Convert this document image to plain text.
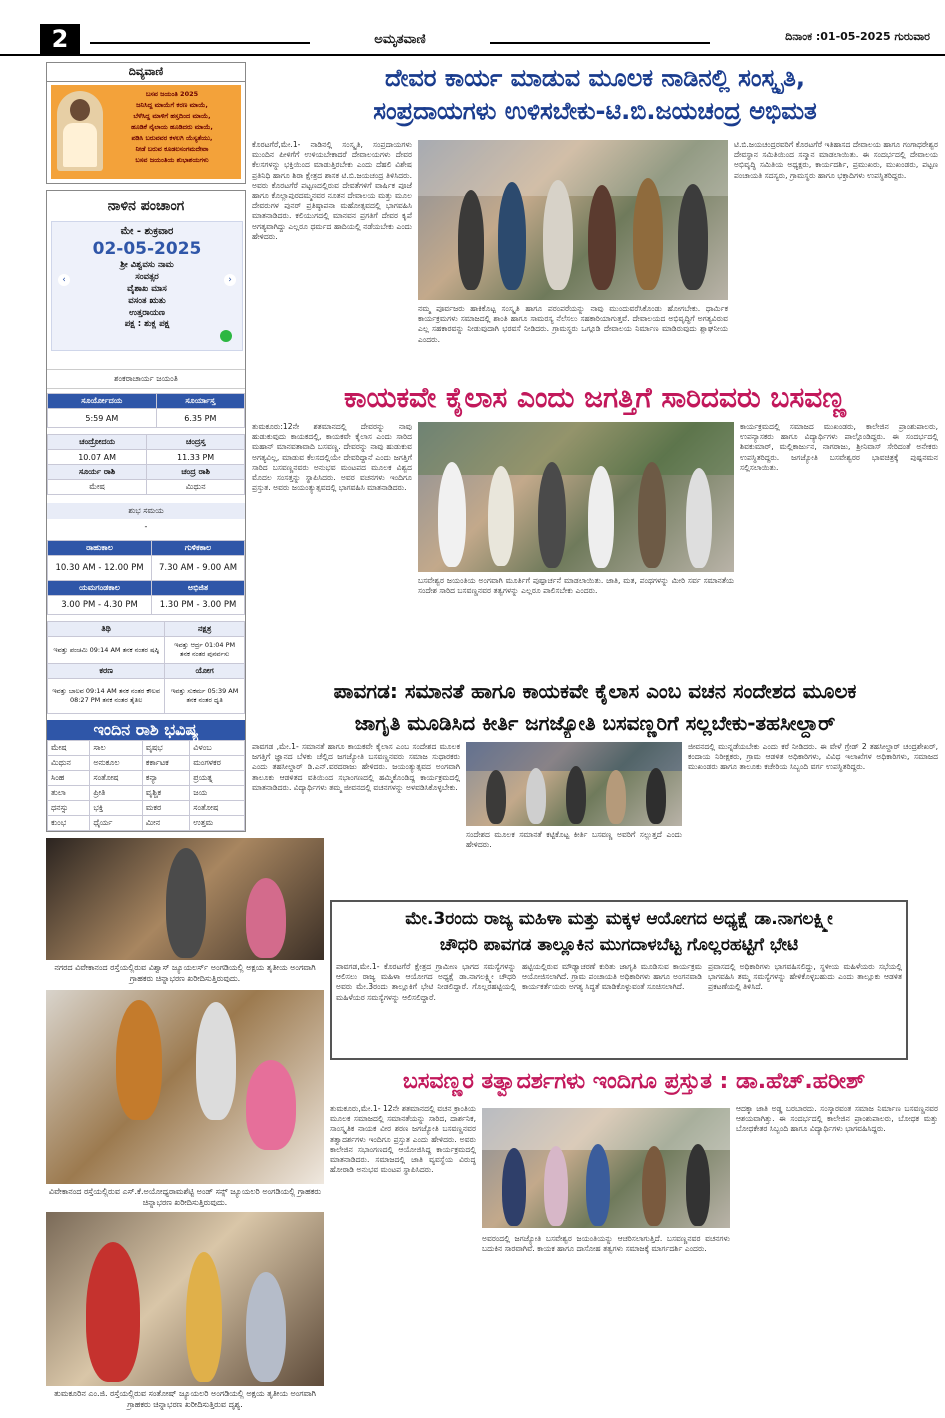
2	ಅಮೃತವಾಣಿ	ದಿನಾಂಕ :01-05-2025 ಗುರುವಾರ
ದಿವ್ಯವಾಣಿ
ಬಸವ ಜಯಂತಿ 2025
ಜನಿಸಿದ್ದ ಮಾಯೆಗೆ ಕರಣ ಮಾಯೆ,
ಬೆಳೆಸಿದ್ದ ಮಾಳಿಗೆ ಹಸ್ತದಿಂದ ಮಾಯೆ,
ಹೂಡಿಕೆ ನೈಲಾಯ ಹೂಡಿದರು ಮಾಯೆ,
ಪಡಿಸಿ ಬರುವವರ ಕಳಲಗಿ ಯೆಸ್ಯತೆಯು,
ನೀಡೆ ಬರುವ ಕೂಡಲಸಂಗಮದೇವಾ
ಬಸವ ಜಯಂತಿಯ ಶುಭಾಶಯಗಳು
ನಾಳಿನ ಪಂಚಾಂಗ
ಮೇ - ಶುಕ್ರವಾರ
02-05-2025
‹	›
ಶ್ರೀ ವಿಶ್ವವಸು ನಾಮ
ಸಂವತ್ಸರ
ವೈಶಾಖ ಮಾಸ
ವಸಂತ ಋತು
ಉತ್ತರಾಯಣ
ಪಕ್ಷ : ಶುಕ್ಲ ಪಕ್ಷ
ಶಂಕರಾಚಾರ್ಯ ಜಯಂತಿ
ಸೂರ್ಯೋದಯ	ಸೂರ್ಯಾಸ್ತ
5:59 AM	6.35 PM
ಚಂದ್ರೋದಯ	ಚಂದ್ರಸ್ತ
10.07 AM	11.33 PM
ಸೂರ್ಯ ರಾಶಿ	ಚಂದ್ರ ರಾಶಿ
ಮೇಷ	ಮಿಥುನ
ಶುಭ ಸಮಯ
-
ರಾಹುಕಾಲ	ಗುಳಿಕಕಾಲ
10.30 AM - 12.00 PM	7.30 AM - 9.00 AM
ಯಮಗಂಡಕಾಲ	ಅಭಿಜಿತ
3.00 PM - 4.30 PM	1.30 PM - 3.00 PM
ತಿಥಿ	ನಕ್ಷತ್ರ
ಇವತ್ತು ಪಂಚಮಿ 09:14 AM ತನಕ ನಂತರ ಷಷ್ಠಿ	ಇವತ್ತು ಆರ್ದ್ರ 01:04 PM ತನಕ ನಂತರ ಪುನರ್ವಸು
ಕರಣ	ಯೋಗ
ಇವತ್ತು ಬಾಲವ 09:14 AM ತನಕ ನಂತರ ಕೌಲವ 08:27 PM ತನಕ ನಂತರ ತೈತಿಲ	ಇವತ್ತು ಸುಕರ್ಮ 05:39 AM ತನಕ ನಂತರ ಧೃತಿ
ಇಂದಿನ ರಾಶಿ ಭವಿಷ್ಯ
ಮೇಷ	ಸಾಲ	ವೃಷಭ	ವಿಳಂಬ
ಮಿಥುನ	ಅನುಕೂಲ	ಕರ್ಕಾಟಕ	ಮಂಗಳಕರ
ಸಿಂಹ	ಸಂತೋಷ	ಕನ್ಯಾ	ಪ್ರಯತ್ನ
ತುಲಾ	ಪ್ರೀತಿ	ವೃಶ್ಚಿಕ	ಜಯ
ಧನಸ್ಸು	ಭಕ್ತಿ	ಮಕರ	ಸಂತೋಷ
ಕುಂಭ	ಧೈರ್ಯ	ಮೀನ	ಉತ್ತಮ
ದೇವರ ಕಾರ್ಯ ಮಾಡುವ ಮೂಲಕ ನಾಡಿನಲ್ಲಿ ಸಂಸ್ಕೃತಿ,
ಸಂಪ್ರದಾಯಗಳು ಉಳಿಸಬೇಕು-ಟಿ.ಬಿ.ಜಯಚಂದ್ರ ಅಭಿಮತ
ಕೊರಟಗೆರೆ,ಮೇ.1- ನಾಡಿನಲ್ಲಿ ಸಂಸ್ಕೃತಿ, ಸಂಪ್ರದಾಯಗಳು ಮುಂದಿನ ಪೀಳಿಗೆಗೆ ಉಳಿಯಬೇಕಾದರೆ ದೇವಾಲಯಗಳು ದೇವರ ಕೆಲಸಗಳನ್ನು ಭಕ್ತಿಯಿಂದ ಮಾಡುತ್ತಿರಬೇಕು ಎಂದು ದೆಹಲಿ ವಿಶೇಷ ಪ್ರತಿನಿಧಿ ಹಾಗೂ ಶಿರಾ ಕ್ಷೇತ್ರದ ಶಾಸಕ ಟಿ.ಬಿ.ಜಯಚಂದ್ರ ತಿಳಿಸಿದರು. ಅವರು ಕೊರಟಗೆರೆ ಪಟ್ಟಣದಲ್ಲಿರುವ ದೇವತೆಗಳಿಗೆ ವಾರ್ಷಿಕ ಪೂಜೆ ಹಾಗೂ ಕೊಲ್ಲಾಪುರದಮ್ಮನವರ ನೂತನ ದೇವಾಲಯ ಮತ್ತು ಮೂಲ ದೇವರುಗಳ ಪುನರ್ ಪ್ರತಿಷ್ಠಾಪನಾ ಮಹೋತ್ಸವದಲ್ಲಿ ಭಾಗವಹಿಸಿ ಮಾತನಾಡಿದರು. ಕಲಿಯುಗದಲ್ಲಿ ಮಾನವನ ಪ್ರಗತಿಗೆ ದೇವರ ಕೃಪೆ ಅಗತ್ಯವಾಗಿದ್ದು ಎಲ್ಲರೂ ಧರ್ಮದ ಹಾದಿಯಲ್ಲಿ ನಡೆಯಬೇಕು ಎಂದು ಹೇಳಿದರು.
ನಮ್ಮ ಪೂರ್ವಜರು ಹಾಕಿಕೊಟ್ಟ ಸಂಸ್ಕೃತಿ ಹಾಗೂ ಪರಂಪರೆಯನ್ನು ನಾವು ಮುಂದುವರೆಸಿಕೊಂಡು ಹೋಗಬೇಕು. ಧಾರ್ಮಿಕ ಕಾರ್ಯಕ್ರಮಗಳು ಸಮಾಜದಲ್ಲಿ ಶಾಂತಿ ಹಾಗೂ ಸಾಮರಸ್ಯ ನೆಲೆಸಲು ಸಹಕಾರಿಯಾಗುತ್ತವೆ. ದೇವಾಲಯದ ಅಭಿವೃದ್ಧಿಗೆ ಅಗತ್ಯವಿರುವ ಎಲ್ಲ ಸಹಕಾರವನ್ನು ನೀಡುವುದಾಗಿ ಭರವಸೆ ನೀಡಿದರು. ಗ್ರಾಮಸ್ಥರು ಒಗ್ಗೂಡಿ ದೇವಾಲಯ ನಿರ್ಮಾಣ ಮಾಡಿರುವುದು ಶ್ಲಾಘನೀಯ ಎಂದರು.
ಟಿ.ಬಿ.ಜಯಚಂದ್ರರವರಿಗೆ ಕೊರಟಗೆರೆ ಇತಿಹಾಸದ ದೇವಾಲಯ ಹಾಗೂ ಗಂಗಾಧರೇಶ್ವರ ದೇವಸ್ಥಾನ ಸಮಿತಿಯಿಂದ ಸನ್ಮಾನ ಮಾಡಲಾಯಿತು. ಈ ಸಂದರ್ಭದಲ್ಲಿ ದೇವಾಲಯ ಅಭಿವೃದ್ಧಿ ಸಮಿತಿಯ ಅಧ್ಯಕ್ಷರು, ಕಾರ್ಯದರ್ಶಿ, ಪ್ರಮುಖರು, ಮುಖಂಡರು, ಪಟ್ಟಣ ಪಂಚಾಯತಿ ಸದಸ್ಯರು, ಗ್ರಾಮಸ್ಥರು ಹಾಗೂ ಭಕ್ತಾದಿಗಳು ಉಪಸ್ಥಿತರಿದ್ದರು.
ಕಾಯಕವೇ ಕೈಲಾಸ ಎಂದು ಜಗತ್ತಿಗೆ ಸಾರಿದವರು ಬಸವಣ್ಣ
ತುಮಕೂರು:12ನೇ ಶತಮಾನದಲ್ಲಿ ದೇವರನ್ನು ನಾವು ಹುಡುಕುವುದು ಕಾಯಕದಲ್ಲಿ, ಕಾಯಕವೇ ಕೈಲಾಸ ಎಂದು ಸಾರಿದ ಮಹಾನ್ ಮಾನವತಾವಾದಿ ಬಸವಣ್ಣ. ದೇವರನ್ನು ನಾವು ಹುಡುಕುವ ಅಗತ್ಯವಿಲ್ಲ, ಮಾಡುವ ಕೆಲಸದಲ್ಲಿಯೇ ದೇವರಿದ್ದಾನೆ ಎಂದು ಜಗತ್ತಿಗೆ ಸಾರಿದ ಬಸವಣ್ಣನವರು ಅನುಭವ ಮಂಟಪದ ಮೂಲಕ ವಿಶ್ವದ ಮೊದಲ ಸಂಸತ್ತನ್ನು ಸ್ಥಾಪಿಸಿದರು. ಅವರ ವಚನಗಳು ಇಂದಿಗೂ ಪ್ರಸ್ತುತ. ಅವರು ಜಯಂತ್ಯುತ್ಸವದಲ್ಲಿ ಭಾಗವಹಿಸಿ ಮಾತನಾಡಿದರು.
ಬಸವೇಶ್ವರ ಜಯಂತಿಯ ಅಂಗವಾಗಿ ಮೂರ್ತಿಗೆ ಪುಷ್ಪಾರ್ಚನೆ ಮಾಡಲಾಯಿತು. ಜಾತಿ, ಮತ, ಪಂಥಗಳನ್ನು ಮೀರಿ ಸರ್ವ ಸಮಾನತೆಯ ಸಂದೇಶ ಸಾರಿದ ಬಸವಣ್ಣನವರ ತತ್ವಗಳನ್ನು ಎಲ್ಲರೂ ಪಾಲಿಸಬೇಕು ಎಂದರು.
ಕಾರ್ಯಕ್ರಮದಲ್ಲಿ ಸಮಾಜದ ಮುಖಂಡರು, ಕಾಲೇಜಿನ ಪ್ರಾಂಶುಪಾಲರು, ಉಪನ್ಯಾಸಕರು ಹಾಗೂ ವಿದ್ಯಾರ್ಥಿಗಳು ಪಾಲ್ಗೊಂಡಿದ್ದರು. ಈ ಸಂದರ್ಭದಲ್ಲಿ ಶಿವಕುಮಾರ್, ಮಲ್ಲಿಕಾರ್ಜುನ, ನಾಗರಾಜು, ಶ್ರೀನಿವಾಸ್ ಸೇರಿದಂತೆ ಅನೇಕರು ಉಪಸ್ಥಿತರಿದ್ದರು. ಜಗಜ್ಯೋತಿ ಬಸವೇಶ್ವರರ ಭಾವಚಿತ್ರಕ್ಕೆ ಪುಷ್ಪನಮನ ಸಲ್ಲಿಸಲಾಯಿತು.
ಪಾವಗಡ: ಸಮಾನತೆ ಹಾಗೂ ಕಾಯಕವೇ ಕೈಲಾಸ ಎಂಬ ವಚನ ಸಂದೇಶದ ಮೂಲಕ
ಜಾಗೃತಿ ಮೂಡಿಸಿದ ಕೀರ್ತಿ ಜಗಜ್ಯೋತಿ ಬಸವಣ್ಣರಿಗೆ ಸಲ್ಲಬೇಕು-ತಹಸೀಲ್ದಾರ್
ಪಾವಗಡ ,ಮೇ.1- ಸಮಾನತೆ ಹಾಗೂ ಕಾಯಕವೇ ಕೈಲಾಸ ಎಂಬ ಸಂದೇಶದ ಮೂಲಕ ಜಗತ್ತಿಗೆ ಜ್ಞಾನದ ಬೆಳಕು ಚೆಲ್ಲಿದ ಜಗಜ್ಯೋತಿ ಬಸವಣ್ಣನವರು ಸಮಾಜ ಸುಧಾರಕರು ಎಂದು ತಹಸೀಲ್ದಾರ್ ಡಿ.ಎನ್.ವರದರಾಜು ಹೇಳಿದರು. ಜಯಂತ್ಯುತ್ಸವದ ಅಂಗವಾಗಿ ತಾಲೂಕು ಆಡಳಿತದ ವತಿಯಿಂದ ಸಭಾಂಗಣದಲ್ಲಿ ಹಮ್ಮಿಕೊಂಡಿದ್ದ ಕಾರ್ಯಕ್ರಮದಲ್ಲಿ ಮಾತನಾಡಿದರು. ವಿದ್ಯಾರ್ಥಿಗಳು ತಮ್ಮ ಜೀವನದಲ್ಲಿ ವಚನಗಳನ್ನು ಅಳವಡಿಸಿಕೊಳ್ಳಬೇಕು.
ಸಂದೇಶದ ಮೂಲಕ ಸಮಾನತೆ ಕಟ್ಟಿಕೊಟ್ಟ ಕೀರ್ತಿ ಬಸವಣ್ಣ ಅವರಿಗೆ ಸಲ್ಲುತ್ತದೆ ಎಂದು ಹೇಳಿದರು.
ಜೀವನದಲ್ಲಿ ಮುನ್ನಡೆಯಬೇಕು ಎಂದು ಕರೆ ನೀಡಿದರು. ಈ ವೇಳೆ ಗ್ರೇಡ್ 2 ತಹಸೀಲ್ದಾರ್ ಚಂದ್ರಶೇಖರ್, ಕಂದಾಯ ನಿರೀಕ್ಷಕರು, ಗ್ರಾಮ ಆಡಳಿತ ಅಧಿಕಾರಿಗಳು, ವಿವಿಧ ಇಲಾಖೆಗಳ ಅಧಿಕಾರಿಗಳು, ಸಮಾಜದ ಮುಖಂಡರು ಹಾಗೂ ತಾಲೂಕು ಕಚೇರಿಯ ಸಿಬ್ಬಂದಿ ವರ್ಗ ಉಪಸ್ಥಿತರಿದ್ದರು.
ಮೇ.3ರಂದು ರಾಜ್ಯ ಮಹಿಳಾ ಮತ್ತು ಮಕ್ಕಳ ಆಯೋಗದ ಅಧ್ಯಕ್ಷೆ ಡಾ.ನಾಗಲಕ್ಷ್ಮೀ
ಚೌಧರಿ ಪಾವಗಡ ತಾಲ್ಲೂಕಿನ ಮುಗದಾಳಬೆಟ್ಟ ಗೊಲ್ಲರಹಟ್ಟಿಗೆ ಭೇಟಿ
ಪಾವಗಡ,ಮೇ.1- ಕೊರಟಗೆರೆ ಕ್ಷೇತ್ರದ ಗ್ರಾಮೀಣ ಭಾಗದ ಸಮಸ್ಯೆಗಳನ್ನು ಆಲಿಸಲು ರಾಜ್ಯ ಮಹಿಳಾ ಆಯೋಗದ ಅಧ್ಯಕ್ಷೆ ಡಾ.ನಾಗಲಕ್ಷ್ಮೀ ಚೌಧರಿ ಅವರು ಮೇ.3ರಂದು ತಾಲ್ಲೂಕಿಗೆ ಭೇಟಿ ನೀಡಲಿದ್ದಾರೆ. ಗೊಲ್ಲರಹಟ್ಟಿಯಲ್ಲಿ ಮಹಿಳೆಯರ ಸಮಸ್ಯೆಗಳನ್ನು ಆಲಿಸಲಿದ್ದಾರೆ.
ಹಟ್ಟಿಯಲ್ಲಿರುವ ಮೌಢ್ಯಾಚರಣೆ ಕುರಿತು ಜಾಗೃತಿ ಮೂಡಿಸುವ ಕಾರ್ಯಕ್ರಮ ಆಯೋಜಿಸಲಾಗಿದೆ. ಗ್ರಾಮ ಪಂಚಾಯತಿ ಅಧಿಕಾರಿಗಳು ಹಾಗೂ ಅಂಗನವಾಡಿ ಕಾರ್ಯಕರ್ತೆಯರು ಅಗತ್ಯ ಸಿದ್ಧತೆ ಮಾಡಿಕೊಳ್ಳುವಂತೆ ಸೂಚಿಸಲಾಗಿದೆ.
ಪ್ರವಾಸದಲ್ಲಿ ಅಧಿಕಾರಿಗಳು ಭಾಗವಹಿಸಲಿದ್ದು, ಸ್ಥಳೀಯ ಮಹಿಳೆಯರು ಸಭೆಯಲ್ಲಿ ಭಾಗವಹಿಸಿ ತಮ್ಮ ಸಮಸ್ಯೆಗಳನ್ನು ಹೇಳಿಕೊಳ್ಳಬಹುದು ಎಂದು ತಾಲ್ಲೂಕು ಆಡಳಿತ ಪ್ರಕಟಣೆಯಲ್ಲಿ ತಿಳಿಸಿದೆ.
ಬಸವಣ್ಣರ ತತ್ವಾದರ್ಶಗಳು ಇಂದಿಗೂ ಪ್ರಸ್ತುತ : ಡಾ.ಹೆಚ್.ಹರೀಶ್
ತುಮಕೂರು,ಮೇ.1- 12ನೇ ಶತಮಾನದಲ್ಲಿ ವಚನ ಕ್ರಾಂತಿಯ ಮೂಲಕ ಸಮಾಜದಲ್ಲಿ ಸಮಾನತೆಯನ್ನು ಸಾರಿದ, ದಾರ್ಶನಿಕ, ಸಾಂಸ್ಕೃತಿಕ ನಾಯಕ ವೀರ ಶರಣ ಜಗಜ್ಯೋತಿ ಬಸವಣ್ಣನವರ ತತ್ವಾದರ್ಶಗಳು ಇಂದಿಗೂ ಪ್ರಸ್ತುತ ಎಂದು ಹೇಳಿದರು. ಅವರು ಕಾಲೇಜಿನ ಸಭಾಂಗಣದಲ್ಲಿ ಆಯೋಜಿಸಿದ್ದ ಕಾರ್ಯಕ್ರಮದಲ್ಲಿ ಮಾತನಾಡಿದರು. ಸಮಾಜದಲ್ಲಿ ಜಾತಿ ವ್ಯವಸ್ಥೆಯ ವಿರುದ್ಧ ಹೋರಾಡಿ ಅನುಭವ ಮಂಟಪ ಸ್ಥಾಪಿಸಿದರು.
ಅವರಂದಲ್ಲಿ ಜಗಜ್ಯೋತಿ ಬಸವೇಶ್ವರ ಜಯಂತಿಯನ್ನು ಆಚರಿಸಲಾಗುತ್ತಿದೆ. ಬಸವಣ್ಣನವರ ವಚನಗಳು ಬದುಕಿನ ಸಾರವಾಗಿವೆ. ಕಾಯಕ ಹಾಗೂ ದಾಸೋಹ ತತ್ವಗಳು ಸಮಾಜಕ್ಕೆ ಮಾರ್ಗದರ್ಶಿ ಎಂದರು.
ಆದಕ್ಕಾ ಜಾತಿ ಅಡ್ಡ ಬರಬಾರದು. ಸಂಸ್ಕಾರವಂತ ಸಮಾಜ ನಿರ್ಮಾಣ ಬಸವಣ್ಣನವರ ಆಶಯವಾಗಿತ್ತು. ಈ ಸಂದರ್ಭದಲ್ಲಿ ಕಾಲೇಜಿನ ಪ್ರಾಂಶುಪಾಲರು, ಬೋಧಕ ಮತ್ತು ಬೋಧಕೇತರ ಸಿಬ್ಬಂದಿ ಹಾಗೂ ವಿದ್ಯಾರ್ಥಿಗಳು ಭಾಗವಹಿಸಿದ್ದರು.
ನಗರದ ವಿವೇಕಾನಂದ ರಸ್ತೆಯಲ್ಲಿರುವ ವಿಶ್ವಾಸ್ ಜ್ಯೂಯಲರ್ಸ್ ಅಂಗಡಿಯಲ್ಲಿ ಅಕ್ಷಯ ತೃತೀಯ ಅಂಗವಾಗಿ ಗ್ರಾಹಕರು ಚಿನ್ನಾಭರಣ ಖರೀದಿಸುತ್ತಿರುವುದು.
ವಿವೇಕಾನಂದ ರಸ್ತೆಯಲ್ಲಿರುವ ಎಸ್.ಕೆ.ಅಯೋಧ್ಯರಾಮಶೆಟ್ಟಿ ಅಂಡ್ ಸನ್ಸ್ ಜ್ಯೂಯಲರಿ ಅಂಗಡಿಯಲ್ಲಿ ಗ್ರಾಹಕರು ಚಿನ್ನಾಭರಣ ಖರೀದಿಸುತ್ತಿರುವುದು.
ತುಮಕೂರಿನ ಎಂ.ಜಿ. ರಸ್ತೆಯಲ್ಲಿರುವ ಸಂತೋಷ್ ಜ್ಯೂಯಲರಿ ಅಂಗಡಿಯಲ್ಲಿ ಅಕ್ಷಯ ತೃತೀಯ ಅಂಗವಾಗಿ ಗ್ರಾಹಕರು ಚಿನ್ನಾಭರಣ ಖರೀದಿಸುತ್ತಿರುವ ದೃಶ್ಯ.
